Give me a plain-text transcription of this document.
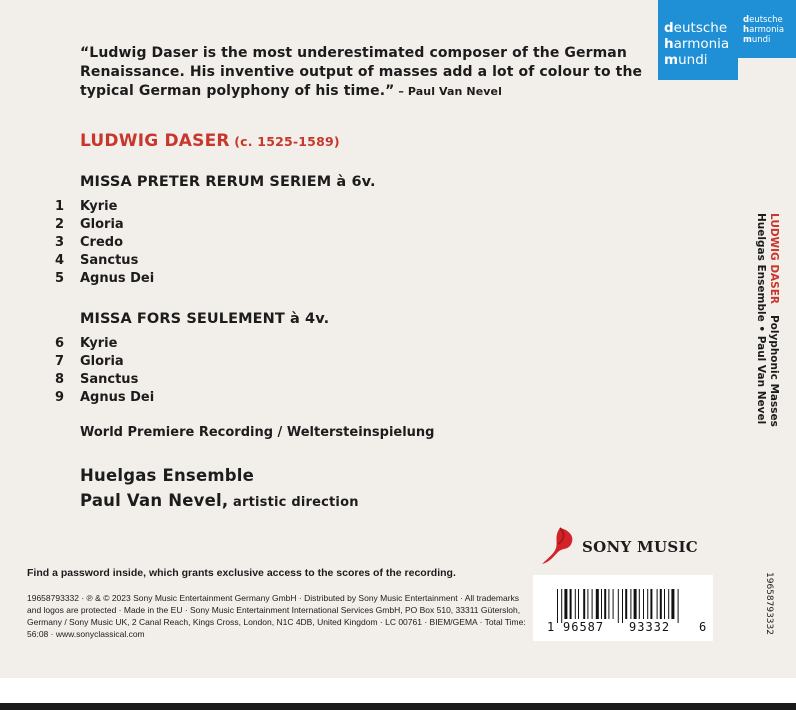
deutsche
harmonia
mundi
deutsche
harmonia
mundi
“Ludwig Daser is the most underestimated composer of the German Renaissance. His inventive output of masses add a lot of colour to the typical German polyphony of his time.” – Paul Van Nevel
LUDWIG DASER (c. 1525-1589)
MISSA PRETER RERUM SERIEM à 6v.
1 Kyrie
2 Gloria
3 Credo
4 Sanctus
5 Agnus Dei
MISSA FORS SEULEMENT à 4v.
6 Kyrie
7 Gloria
8 Sanctus
9 Agnus Dei
World Premiere Recording / Weltersteinspielung
Huelgas Ensemble
Paul Van Nevel, artistic direction
LUDWIG DASER   Polyphonic Masses
Huelgas Ensemble • Paul Van Nevel
SONY MUSIC
1 96587 93332 6	19658793332
Find a password inside, which grants exclusive access to the scores of the recording.
19658793332 · ℗ & © 2023 Sony Music Entertainment Germany GmbH · Distributed by Sony Music Entertainment · All trademarks and logos are protected · Made in the EU · Sony Music Entertainment International Services GmbH, PO Box 510, 33311 Gütersloh, Germany / Sony Music UK, 2 Canal Reach, Kings Cross, London, N1C 4DB, United Kingdom · LC 00761 · BIEM/GEMA · Total Time: 56:08 · www.sonyclassical.com
